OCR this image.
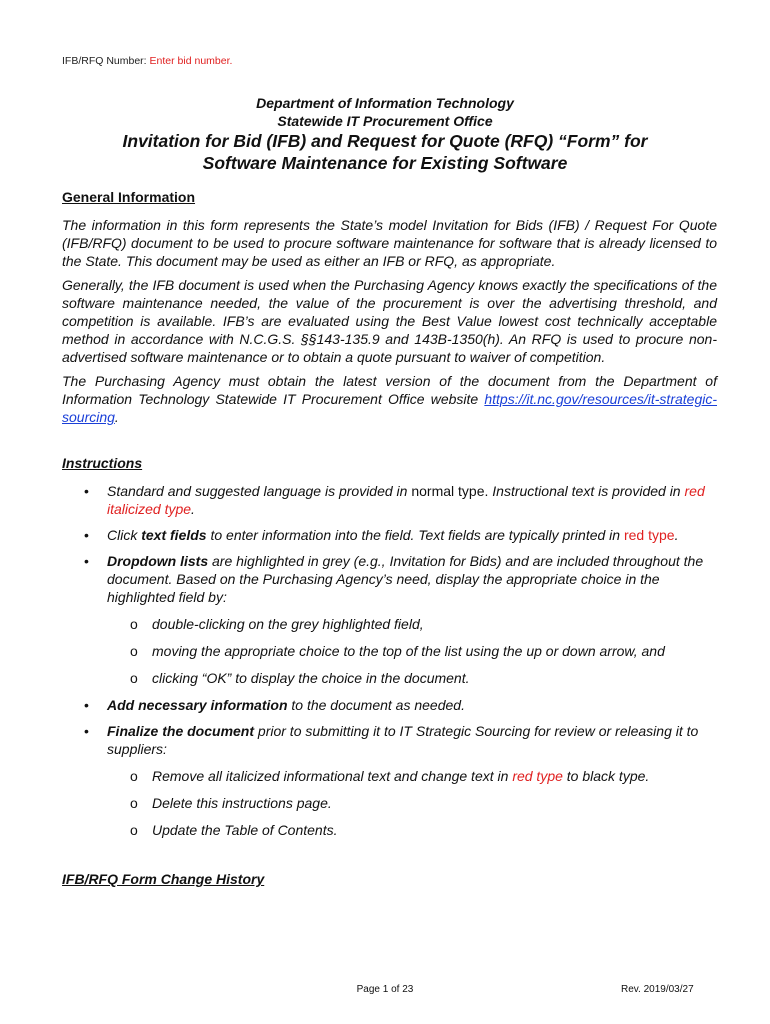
IFB/RFQ Number: Enter bid number.
Department of Information Technology
Statewide IT Procurement Office
Invitation for Bid (IFB) and Request for Quote (RFQ) “Form” for
Software Maintenance for Existing Software
General Information

The information in this form represents the State’s model Invitation for Bids (IFB) / Request For Quote (IFB/RFQ) document to be used to procure software maintenance for software that is already licensed to the State. This document may be used as either an IFB or RFQ, as appropriate.

Generally, the IFB document is used when the Purchasing Agency knows exactly the specifications of the software maintenance needed, the value of the procurement is over the advertising threshold, and competition is available. IFB’s are evaluated using the Best Value lowest cost technically acceptable method in accordance with N.C.G.S. §§143-135.9 and 143B-1350(h). An RFQ is used to procure non-advertised software maintenance or to obtain a quote pursuant to waiver of competition.

The Purchasing Agency must obtain the latest version of the document from the Department of Information Technology Statewide IT Procurement Office website https://it.nc.gov/resources/it-strategic-sourcing.

Instructions
• Standard and suggested language is provided in normal type. Instructional text is provided in red italicized type.
• Click text fields to enter information into the field. Text fields are typically printed in red type.
• Dropdown lists are highlighted in grey (e.g., Invitation for Bids) and are included throughout the document. Based on the Purchasing Agency’s need, display the appropriate choice in the highlighted field by:
o double-clicking on the grey highlighted field,
o moving the appropriate choice to the top of the list using the up or down arrow, and
o clicking “OK” to display the choice in the document.
• Add necessary information to the document as needed.
• Finalize the document prior to submitting it to IT Strategic Sourcing for review or releasing it to suppliers:
o Remove all italicized informational text and change text in red type to black type.
o Delete this instructions page.
o Update the Table of Contents.
IFB/RFQ Form Change History
Page 1 of 23	Rev. 2019/03/27
